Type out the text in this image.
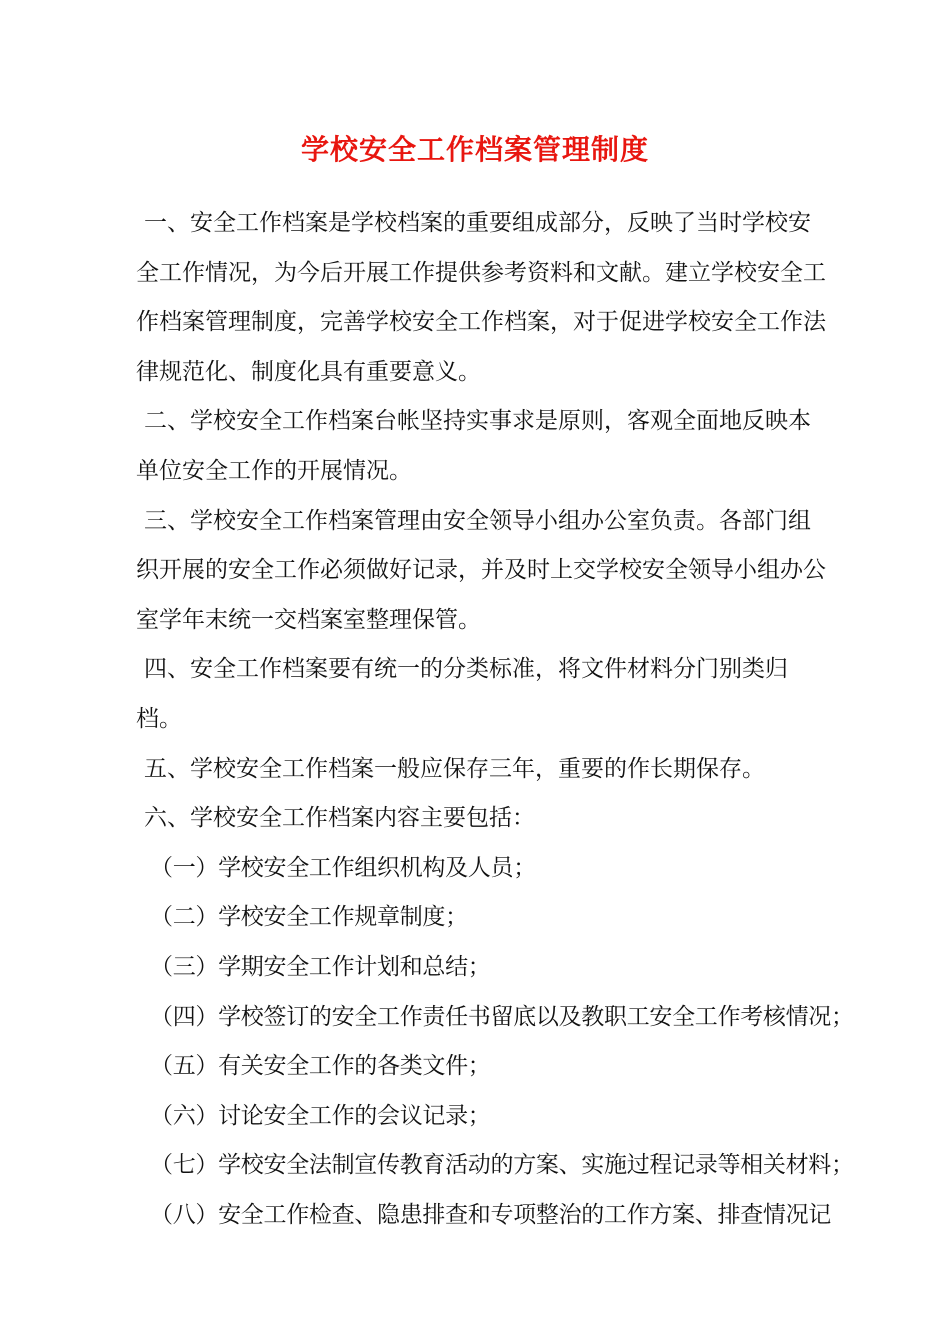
学校安全工作档案管理制度

一、安全工作档案是学校档案的重要组成部分，反映了当时学校安全工作情况，为今后开展工作提供参考资料和文献。建立学校安全工作档案管理制度，完善学校安全工作档案，对于促进学校安全工作法律规范化、制度化具有重要意义。

二、学校安全工作档案台帐坚持实事求是原则，客观全面地反映本单位安全工作的开展情况。

三、学校安全工作档案管理由安全领导小组办公室负责。各部门组织开展的安全工作必须做好记录，并及时上交学校安全领导小组办公室学年末统一交档案室整理保管。

四、安全工作档案要有统一的分类标准，将文件材料分门别类归档。

五、学校安全工作档案一般应保存三年，重要的作长期保存。

六、学校安全工作档案内容主要包括：

（一）学校安全工作组织机构及人员；

（二）学校安全工作规章制度；

（三）学期安全工作计划和总结；

（四）学校签订的安全工作责任书留底以及教职工安全工作考核情况；

（五）有关安全工作的各类文件；

（六）讨论安全工作的会议记录；

（七）学校安全法制宣传教育活动的方案、实施过程记录等相关材料；

（八）安全工作检查、隐患排查和专项整治的工作方案、排查情况记
